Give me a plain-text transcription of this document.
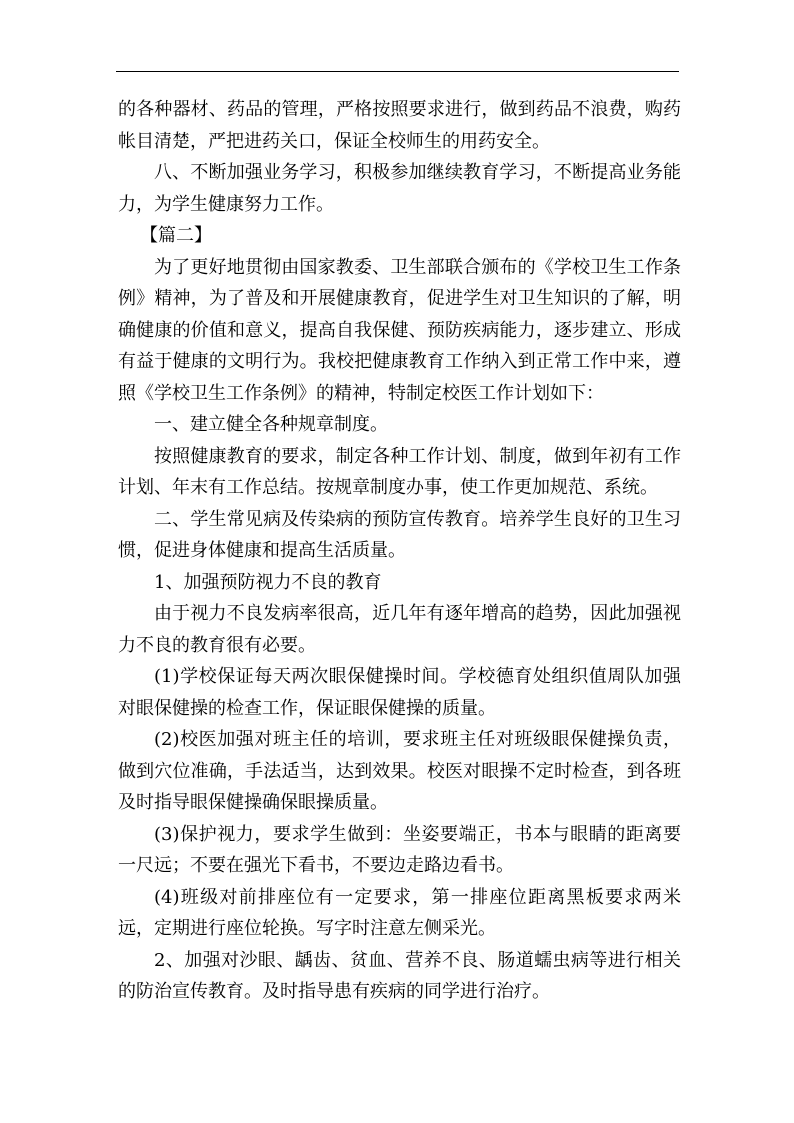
的各种器材、药品的管理，严格按照要求进行，做到药品不浪费，购药帐目清楚，严把进药关口，保证全校师生的用药安全。

八、不断加强业务学习，积极参加继续教育学习，不断提高业务能力，为学生健康努力工作。

【篇二】

为了更好地贯彻由国家教委、卫生部联合颁布的《学校卫生工作条例》精神，为了普及和开展健康教育，促进学生对卫生知识的了解，明确健康的价值和意义，提高自我保健、预防疾病能力，逐步建立、形成有益于健康的文明行为。我校把健康教育工作纳入到正常工作中来，遵照《学校卫生工作条例》的精神，特制定校医工作计划如下：

一、建立健全各种规章制度。

按照健康教育的要求，制定各种工作计划、制度，做到年初有工作计划、年末有工作总结。按规章制度办事，使工作更加规范、系统。

二、学生常见病及传染病的预防宣传教育。培养学生良好的卫生习惯，促进身体健康和提高生活质量。

1、加强预防视力不良的教育

由于视力不良发病率很高，近几年有逐年增高的趋势，因此加强视力不良的教育很有必要。

(1)学校保证每天两次眼保健操时间。学校德育处组织值周队加强对眼保健操的检查工作，保证眼保健操的质量。

(2)校医加强对班主任的培训，要求班主任对班级眼保健操负责，做到穴位准确，手法适当，达到效果。校医对眼操不定时检查，到各班及时指导眼保健操确保眼操质量。

(3)保护视力，要求学生做到：坐姿要端正，书本与眼睛的距离要一尺远；不要在强光下看书，不要边走路边看书。

(4)班级对前排座位有一定要求，第一排座位距离黑板要求两米远，定期进行座位轮换。写字时注意左侧采光。

2、加强对沙眼、龋齿、贫血、营养不良、肠道蠕虫病等进行相关的防治宣传教育。及时指导患有疾病的同学进行治疗。
